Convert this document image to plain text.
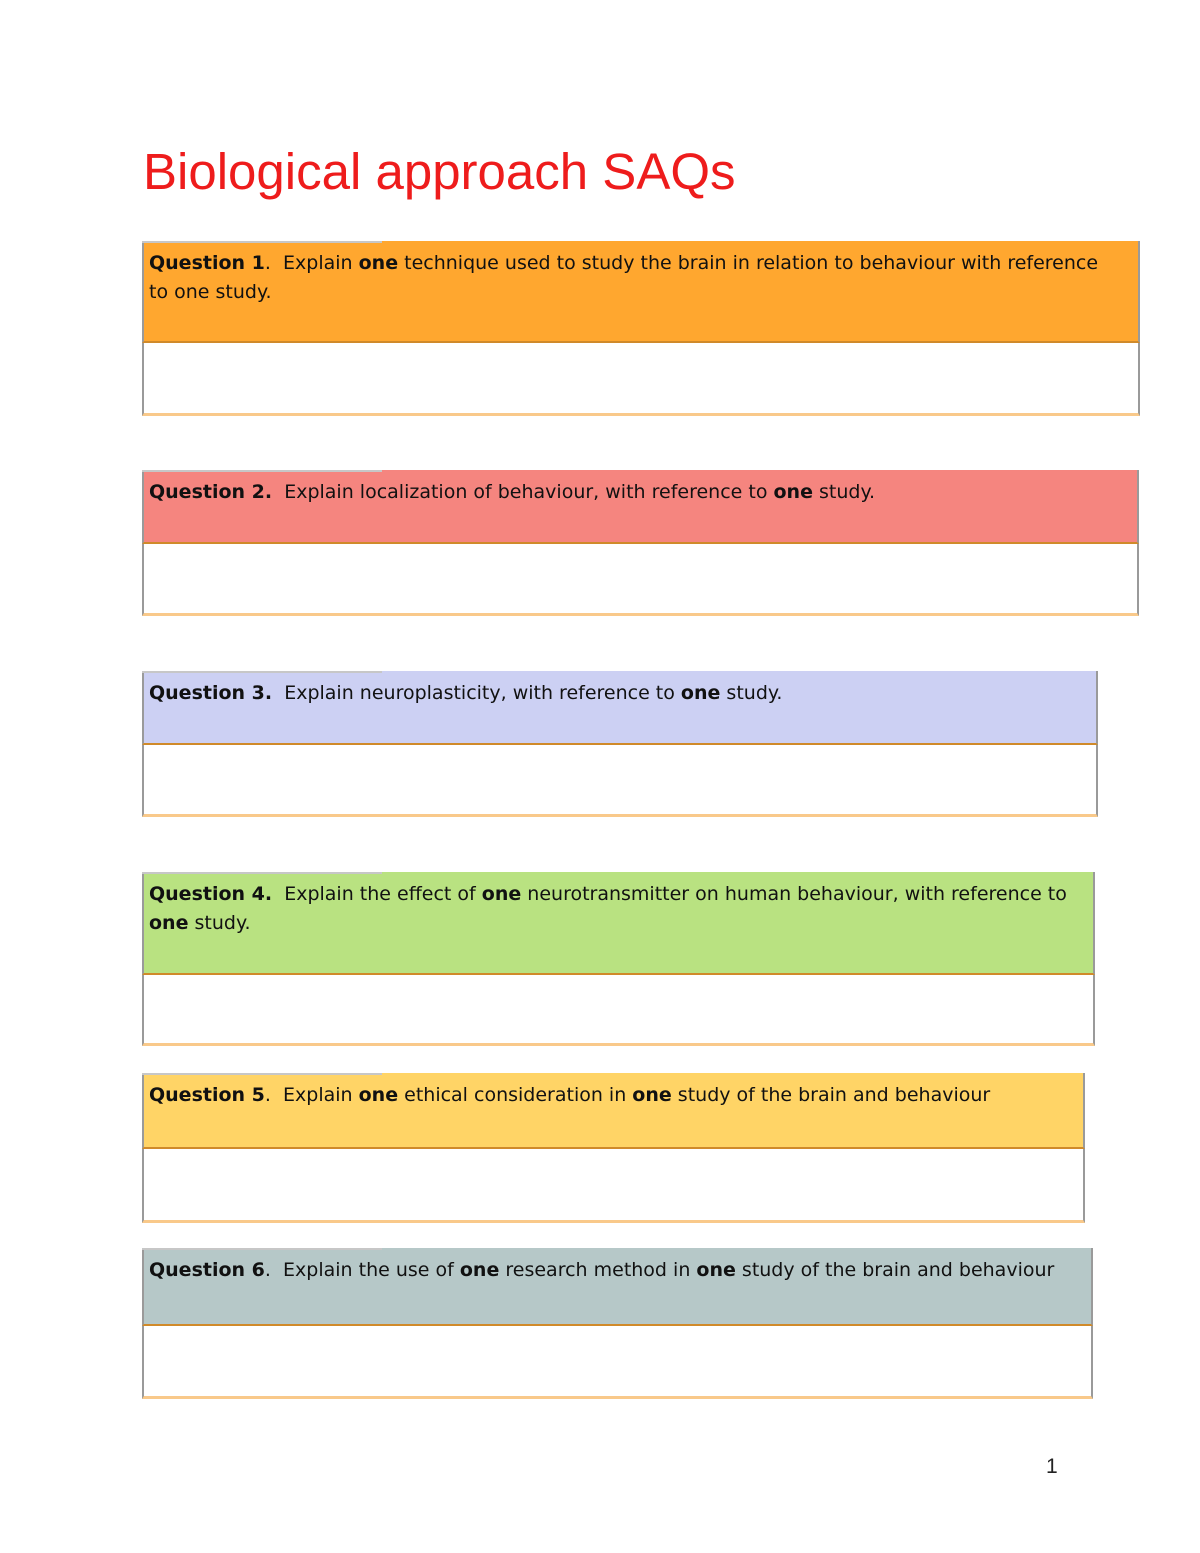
Biological approach SAQs
Question 1. Explain one technique used to study the brain in relation to behaviour with reference to one study.
Question 2. Explain localization of behaviour, with reference to one study.
Question 3. Explain neuroplasticity, with reference to one study.
Question 4. Explain the effect of one neurotransmitter on human behaviour, with reference to one study.
Question 5. Explain one ethical consideration in one study of the brain and behaviour
Question 6. Explain the use of one research method in one study of the brain and behaviour
1
